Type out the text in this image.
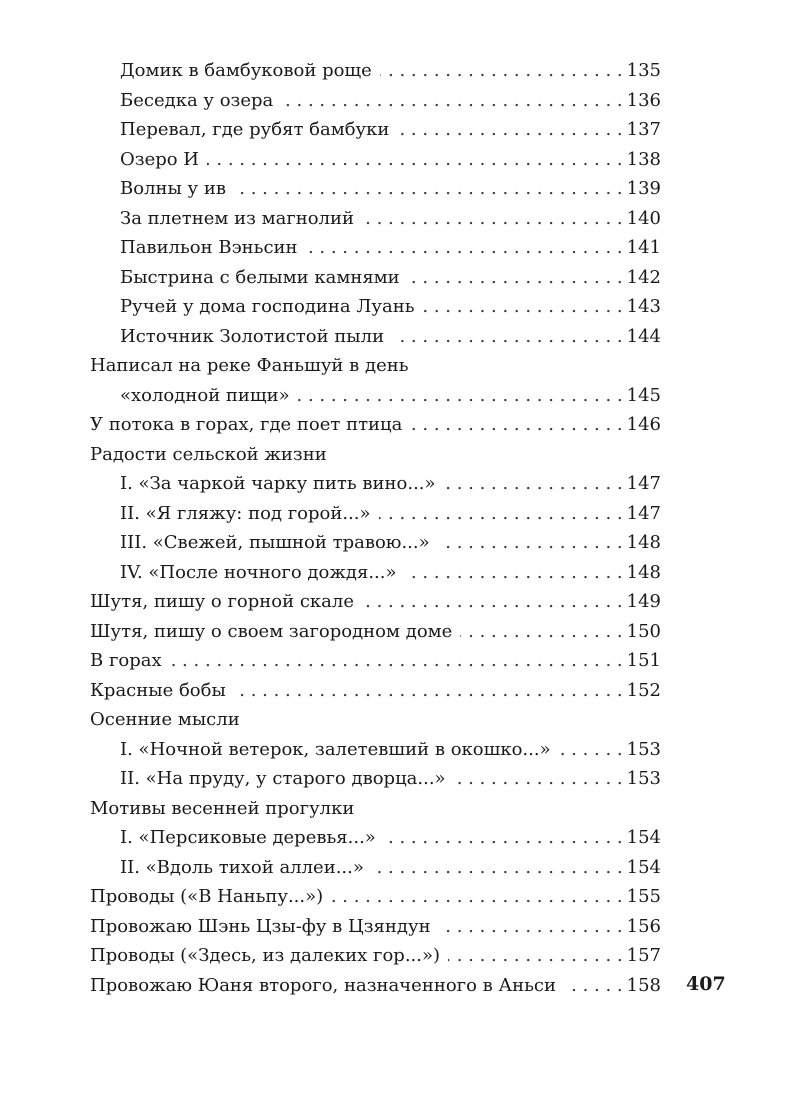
Домик в бамбуковой роще . . .	135
Беседка у озера . . .	136
Перевал, где рубят бамбуки . . .	137
Озеро И . . .	138
Волны у ив . . .	139
За плетнем из магнолий . . .	140
Павильон Вэньсин . . .	141
Быстрина с белыми камнями . . .	142
Ручей у дома господина Луань . . .	143
Источник Золотистой пыли . . .	144
Написал на реке Фаньшуй в день
«холодной пищи» . . .	145
У потока в горах, где поет птица . . .	146
Радости сельской жизни
I. «За чаркой чарку пить вино...» . . .	147
II. «Я гляжу: под горой...» . . .	147
III. «Свежей, пышной травою...» . . .	148
IV. «После ночного дождя...» . . .	148
Шутя, пишу о горной скале . . .	149
Шутя, пишу о своем загородном доме . . .	150
В горах . . .	151
Красные бобы . . .	152
Осенние мысли
I. «Ночной ветерок, залетевший в окошко...» . . .	153
II. «На пруду, у старого дворца...» . . .	153
Мотивы весенней прогулки
I. «Персиковые деревья...» . . .	154
II. «Вдоль тихой аллеи...» . . .	154
Проводы («В Наньпу...») . . .	155
Провожаю Шэнь Цзы-фу в Цзяндун . . .	156
Проводы («Здесь, из далеких гор...») . . .	157
Провожаю Юаня второго, назначенного в Аньси . . .	158 407
